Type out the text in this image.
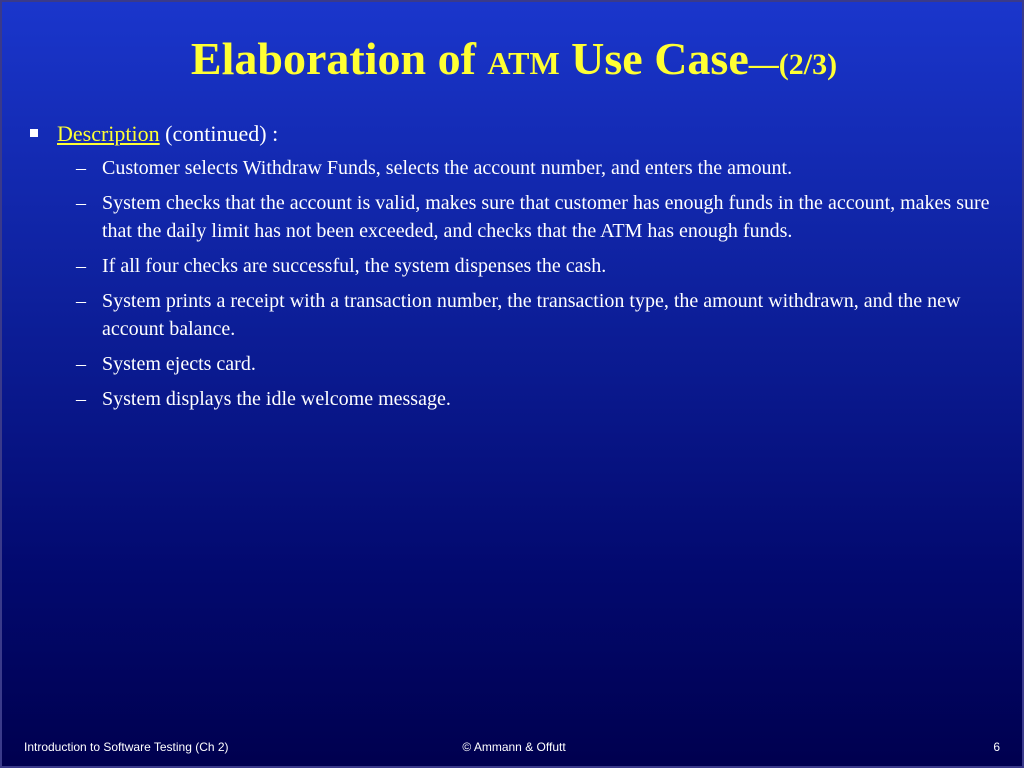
Elaboration of ATM Use Case—(2/3)
Description (continued) :
– Customer selects Withdraw Funds, selects the account number, and enters the amount.
– System checks that the account is valid, makes sure that customer has enough funds in the account, makes sure that the daily limit has not been exceeded, and checks that the ATM has enough funds.
– If all four checks are successful, the system dispenses the cash.
– System prints a receipt with a transaction number, the transaction type, the amount withdrawn, and the new account balance.
– System ejects card.
– System displays the idle welcome message.
Introduction to Software Testing (Ch 2)	© Ammann & Offutt	6
